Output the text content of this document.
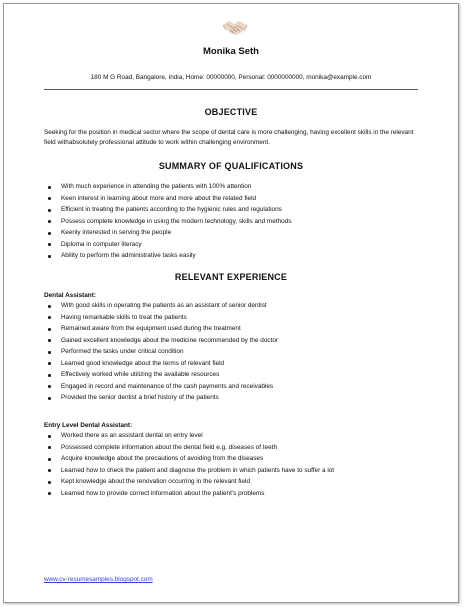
Monika Seth
180 M G Road, Bangalore, India, Home: 00000000, Personal: 0000000000, monika@example.com
OBJECTIVE
Seeking for the position in medical sector where the scope of dental care is more challenging, having excellent skills in the relevant field withabsolutely professional attitude to work within challenging environment.
SUMMARY OF QUALIFICATIONS
With much experience in attending the patients with 100% attention
Keen interest in learning about more and more about the related field
Efficient in treating the patients according to the hygienic rules and regulations
Possess complete knowledge in using the modern technology, skills and methods
Keenly interested in serving the people
Diploma in computer literacy
Ability to perform the administrative tasks easily
RELEVANT EXPERIENCE
Dental Assistant:
With good skills in operating the patients as an assistant of senior dentist
Having remarkable skills to treat the patients
Remained aware from the equipment used during the treatment
Gained excellent knowledge about the medicine recommended by the doctor
Performed the tasks under critical condition
Learned good knowledge about the terms of relevant field
Effectively worked while utilizing the available resources
Engaged in record and maintenance of the cash payments and receivables
Provided the senior dentist a brief history of the patients
Entry Level Dental Assistant:
Worked there as an assistant dental on entry level
Possessed complete information about the dental field e.g. diseases of teeth
Acquire knowledge about the precautions of avoiding from the diseases
Learned how to check the patient and diagnose the problem in which patients have to suffer a lot
Kept knowledge about the renovation occurring in the relevant field
Learned how to provide correct information about the patient’s problems
www.cv-resumesamples.blogspot.com
